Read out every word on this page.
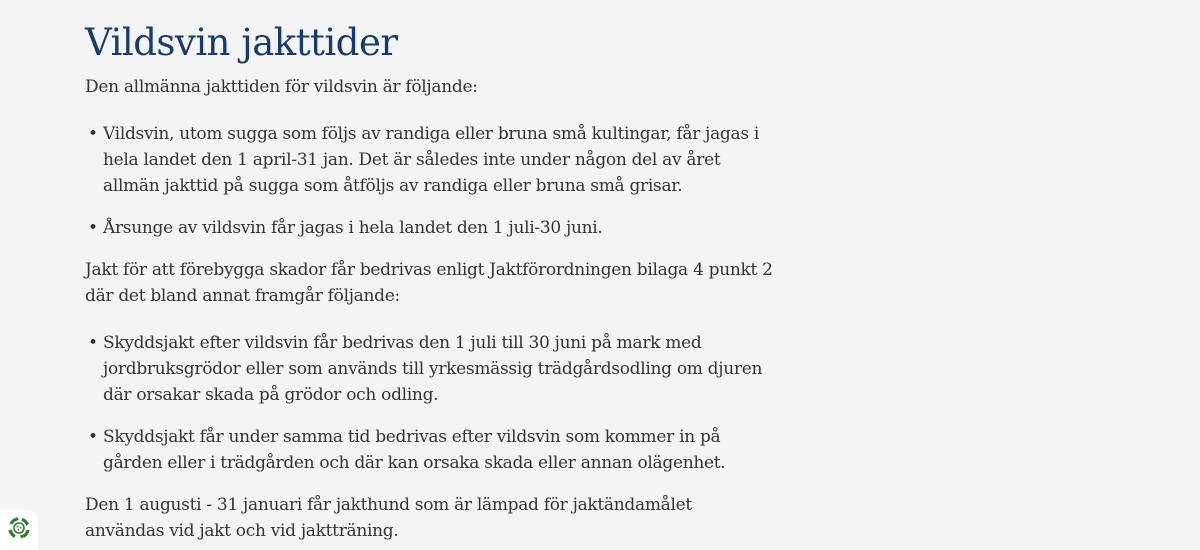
Vildsvin jakttider

Den allmänna jakttiden för vildsvin är följande:

• Vildsvin, utom sugga som följs av randiga eller bruna små kultingar, får jagas i hela landet den 1 april-31 jan. Det är således inte under någon del av året allmän jakttid på sugga som åtföljs av randiga eller bruna små grisar.
• Årsunge av vildsvin får jagas i hela landet den 1 juli-30 juni.

Jakt för att förebygga skador får bedrivas enligt Jaktförordningen bilaga 4 punkt 2 där det bland annat framgår följande:

• Skyddsjakt efter vildsvin får bedrivas den 1 juli till 30 juni på mark med jordbruksgrödor eller som används till yrkesmässig trädgårdsodling om djuren där orsakar skada på grödor och odling.
• Skyddsjakt får under samma tid bedrivas efter vildsvin som kommer in på gården eller i trädgården och där kan orsaka skada eller annan olägenhet.

Den 1 augusti - 31 januari får jakthund som är lämpad för jaktändamålet användas vid jakt och vid jaktträning.
